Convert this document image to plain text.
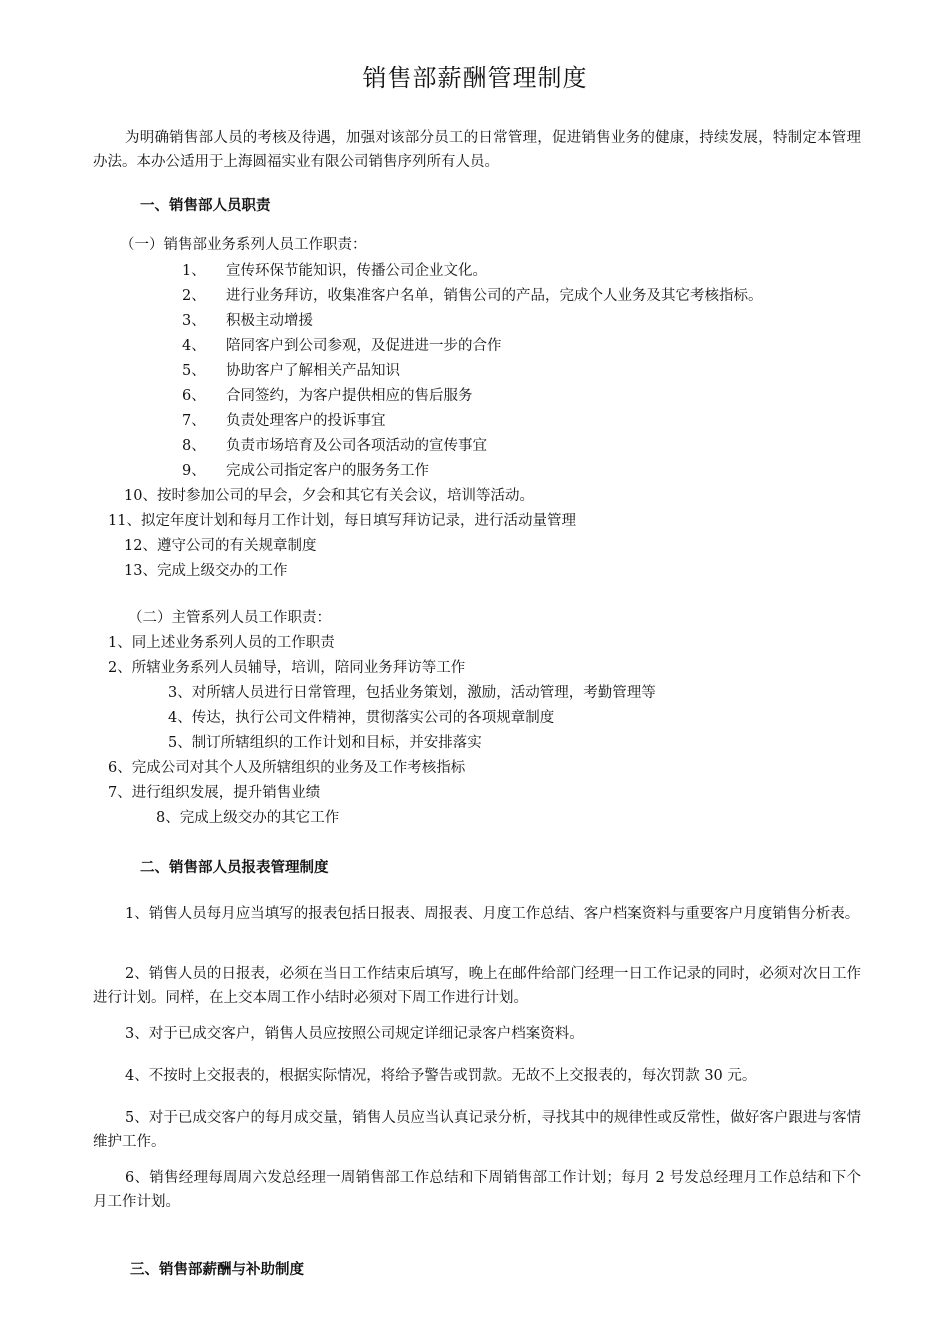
销售部薪酬管理制度
为明确销售部人员的考核及待遇，加强对该部分员工的日常管理，促进销售业务的健康，持续发展，特制定本管理办法。本办公适用于上海圆福实业有限公司销售序列所有人员。
一、销售部人员职责
（一）销售部业务系列人员工作职责：
1、 宣传环保节能知识，传播公司企业文化。
2、 进行业务拜访，收集准客户名单，销售公司的产品，完成个人业务及其它考核指标。
3、 积极主动增援
4、 陪同客户到公司参观，及促进进一步的合作
5、 协助客户了解相关产品知识
6、 合同签约，为客户提供相应的售后服务
7、 负责处理客户的投诉事宜
8、 负责市场培育及公司各项活动的宣传事宜
9、 完成公司指定客户的服务务工作
10、按时参加公司的早会，夕会和其它有关会议，培训等活动。
11、拟定年度计划和每月工作计划，每日填写拜访记录，进行活动量管理
12、遵守公司的有关规章制度
13、完成上级交办的工作
（二）主管系列人员工作职责：
1、同上述业务系列人员的工作职责
2、所辖业务系列人员辅导，培训，陪同业务拜访等工作
3、对所辖人员进行日常管理，包括业务策划，激励，活动管理，考勤管理等
4、传达，执行公司文件精神，贯彻落实公司的各项规章制度
5、制订所辖组织的工作计划和目标，并安排落实
6、完成公司对其个人及所辖组织的业务及工作考核指标
7、进行组织发展，提升销售业绩
8、完成上级交办的其它工作
二、销售部人员报表管理制度
1、销售人员每月应当填写的报表包括日报表、周报表、月度工作总结、客户档案资料与重要客户月度销售分析表。
2、销售人员的日报表，必须在当日工作结束后填写，晚上在邮件给部门经理一日工作记录的同时，必须对次日工作进行计划。同样，在上交本周工作小结时必须对下周工作进行计划。
3、对于已成交客户，销售人员应按照公司规定详细记录客户档案资料。
4、不按时上交报表的，根据实际情况，将给予警告或罚款。无故不上交报表的，每次罚款 30 元。
5、对于已成交客户的每月成交量，销售人员应当认真记录分析，寻找其中的规律性或反常性，做好客户跟进与客情维护工作。
6、销售经理每周周六发总经理一周销售部工作总结和下周销售部工作计划；每月 2 号发总经理月工作总结和下个月工作计划。
三、销售部薪酬与补助制度
